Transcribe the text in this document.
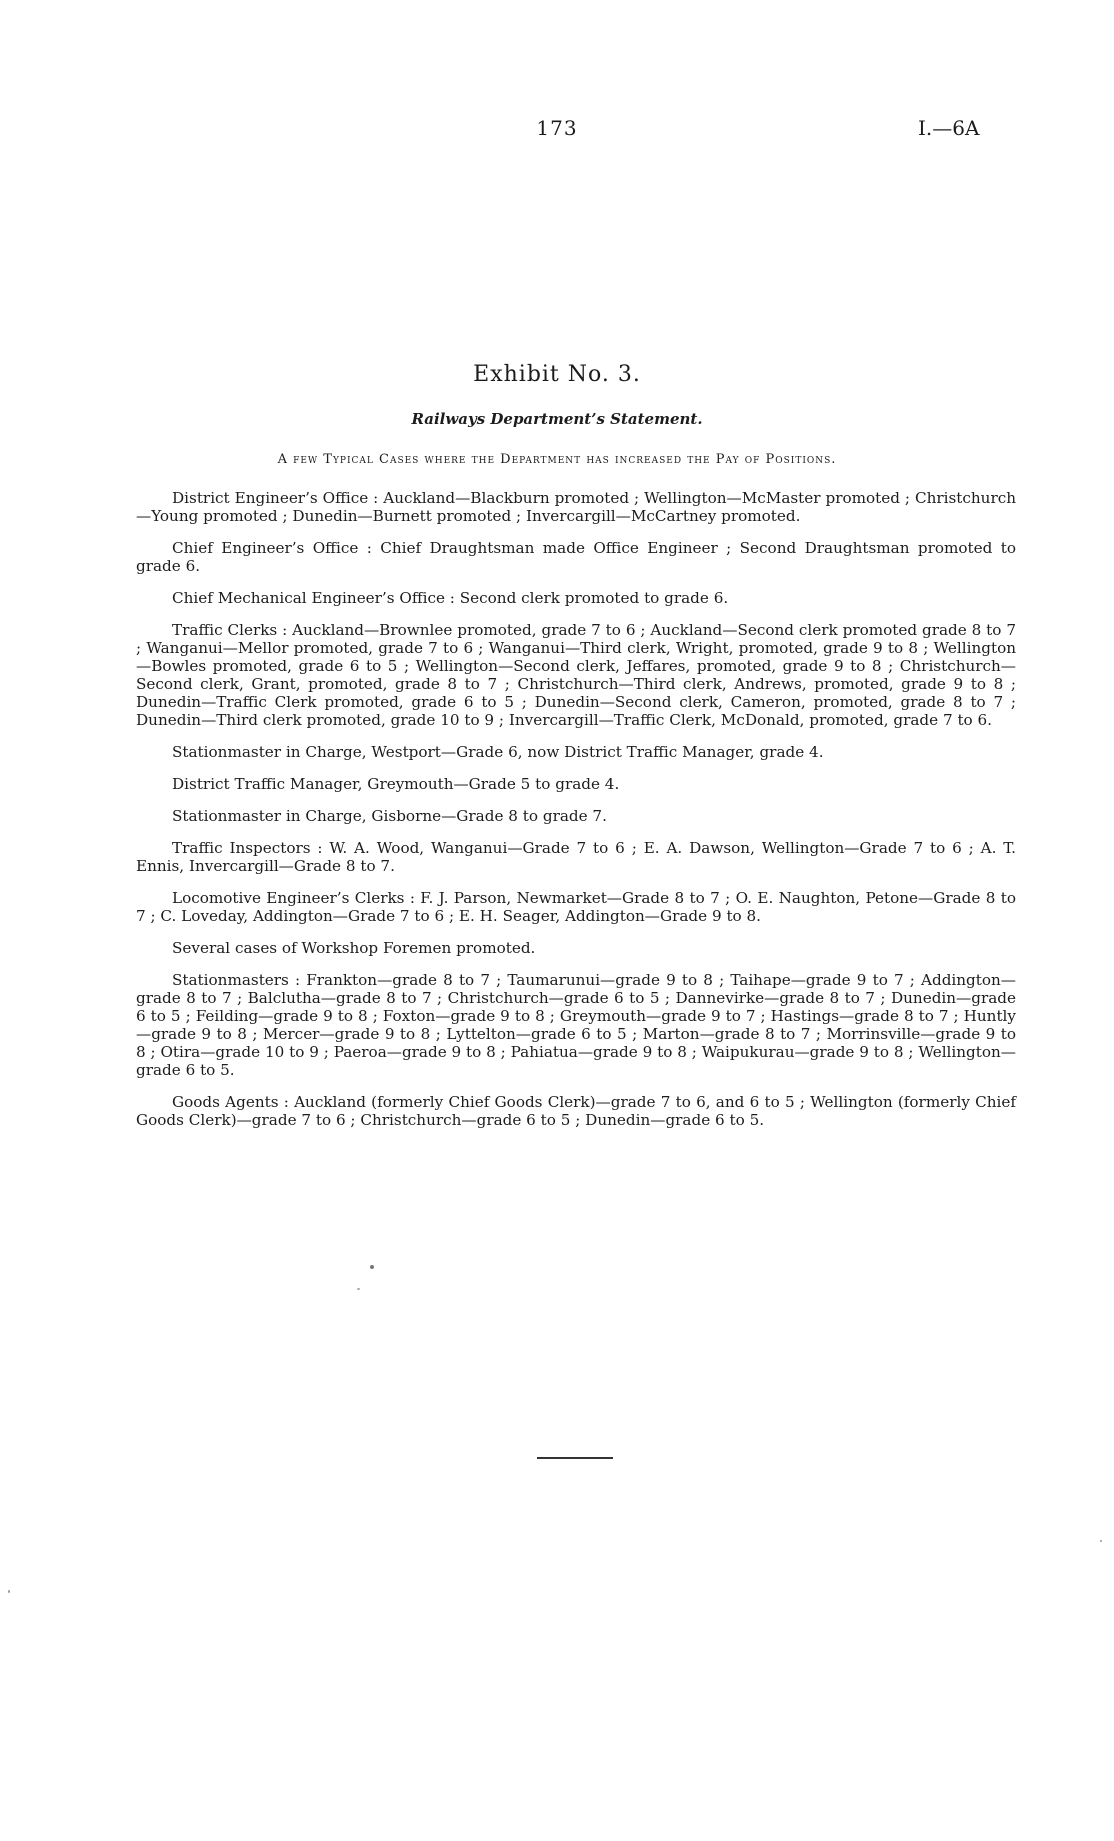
173	I.—6A
Exhibit No. 3.
Railways Department’s Statement.
A few Typical Cases where the Department has increased the Pay of Positions.

District Engineer’s Office : Auckland—Blackburn promoted ; Wellington—McMaster promoted ; Christchurch—Young promoted ; Dunedin—Burnett promoted ; Invercargill—McCartney promoted.

Chief Engineer’s Office : Chief Draughtsman made Office Engineer ; Second Draughtsman promoted to grade 6.

Chief Mechanical Engineer’s Office : Second clerk promoted to grade 6.

Traffic Clerks : Auckland—Brownlee promoted, grade 7 to 6 ; Auckland—Second clerk promoted grade 8 to 7 ; Wanganui—Mellor promoted, grade 7 to 6 ; Wanganui—Third clerk, Wright, promoted, grade 9 to 8 ; Wellington—Bowles promoted, grade 6 to 5 ; Wellington—Second clerk, Jeffares, promoted, grade 9 to 8 ; Christchurch—Second clerk, Grant, promoted, grade 8 to 7 ; Christchurch—Third clerk, Andrews, promoted, grade 9 to 8 ; Dunedin—Traffic Clerk promoted, grade 6 to 5 ; Dunedin—Second clerk, Cameron, promoted, grade 8 to 7 ; Dunedin—Third clerk promoted, grade 10 to 9 ; Invercargill—Traffic Clerk, McDonald, promoted, grade 7 to 6.

Stationmaster in Charge, Westport—Grade 6, now District Traffic Manager, grade 4.

District Traffic Manager, Greymouth—Grade 5 to grade 4.

Stationmaster in Charge, Gisborne—Grade 8 to grade 7.

Traffic Inspectors : W. A. Wood, Wanganui—Grade 7 to 6 ; E. A. Dawson, Wellington—Grade 7 to 6 ; A. T. Ennis, Invercargill—Grade 8 to 7.

Locomotive Engineer’s Clerks : F. J. Parson, Newmarket—Grade 8 to 7 ; O. E. Naughton, Petone—Grade 8 to 7 ; C. Loveday, Addington—Grade 7 to 6 ; E. H. Seager, Addington—Grade 9 to 8.

Several cases of Workshop Foremen promoted.

Stationmasters : Frankton—grade 8 to 7 ; Taumarunui—grade 9 to 8 ; Taihape—grade 9 to 7 ; Addington—grade 8 to 7 ; Balclutha—grade 8 to 7 ; Christchurch—grade 6 to 5 ; Dannevirke—grade 8 to 7 ; Dunedin—grade 6 to 5 ; Feilding—grade 9 to 8 ; Foxton—grade 9 to 8 ; Greymouth—grade 9 to 7 ; Hastings—grade 8 to 7 ; Huntly—grade 9 to 8 ; Mercer—grade 9 to 8 ; Lyttelton—grade 6 to 5 ; Marton—grade 8 to 7 ; Morrinsville—grade 9 to 8 ; Otira—grade 10 to 9 ; Paeroa—grade 9 to 8 ; Pahiatua—grade 9 to 8 ; Waipukurau—grade 9 to 8 ; Wellington—grade 6 to 5.

Goods Agents : Auckland (formerly Chief Goods Clerk)—grade 7 to 6, and 6 to 5 ; Wellington (formerly Chief Goods Clerk)—grade 7 to 6 ; Christchurch—grade 6 to 5 ; Dunedin—grade 6 to 5.
